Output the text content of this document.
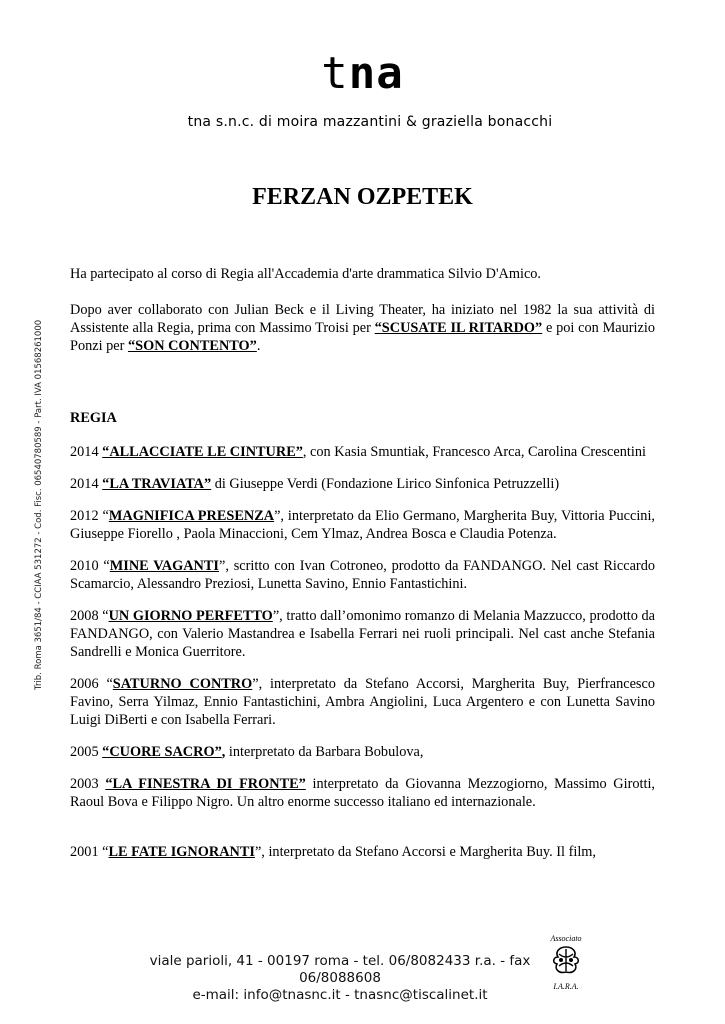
tna
tna s.n.c. di moira mazzantini & graziella bonacchi
Trib. Roma 3651/84 - CCIAA 531272 - Cod. Fisc. 06540780589 - Part. IVA 01568261000
FERZAN OZPETEK

Ha partecipato al corso di Regia all'Accademia d'arte drammatica Silvio D'Amico.

Dopo aver collaborato con Julian Beck e il Living Theater, ha iniziato nel 1982 la sua attività di Assistente alla Regia, prima con Massimo Troisi per “SCUSATE IL RITARDO” e poi con Maurizio Ponzi per “SON CONTENTO”.

REGIA

2014 “ALLACCIATE LE CINTURE”, con Kasia Smuntiak, Francesco Arca, Carolina Crescentini

2014 “LA TRAVIATA” di Giuseppe Verdi (Fondazione Lirico Sinfonica Petruzzelli)

2012 “MAGNIFICA PRESENZA”, interpretato da Elio Germano, Margherita Buy, Vittoria Puccini, Giuseppe Fiorello , Paola Minaccioni, Cem Ylmaz, Andrea Bosca e Claudia Potenza.

2010 “MINE VAGANTI”, scritto con Ivan Cotroneo, prodotto da FANDANGO. Nel cast Riccardo Scamarcio, Alessandro Preziosi, Lunetta Savino, Ennio Fantastichini.

2008 “UN GIORNO PERFETTO”, tratto dall’omonimo romanzo di Melania Mazzucco, prodotto da FANDANGO, con Valerio Mastandrea e Isabella Ferrari nei ruoli principali. Nel cast anche Stefania Sandrelli e Monica Guerritore.

2006 “SATURNO CONTRO”, interpretato da Stefano Accorsi, Margherita Buy, Pierfrancesco Favino, Serra Yilmaz, Ennio Fantastichini, Ambra Angiolini, Luca Argentero e con Lunetta Savino Luigi DiBerti e con Isabella Ferrari.

2005 “CUORE SACRO”, interpretato da Barbara Bobulova,

2003 “LA FINESTRA DI FRONTE” interpretato da Giovanna Mezzogiorno, Massimo Girotti, Raoul Bova e Filippo Nigro. Un altro enorme successo italiano ed internazionale.

2001 “LE FATE IGNORANTI”, interpretato da Stefano Accorsi e Margherita Buy. Il film,

viale parioli, 41 - 00197 roma - tel. 06/8082433 r.a. - fax 06/8088608
e-mail: info@tnasnc.it - tnasnc@tiscalinet.it
Associato
I.A.R.A.
